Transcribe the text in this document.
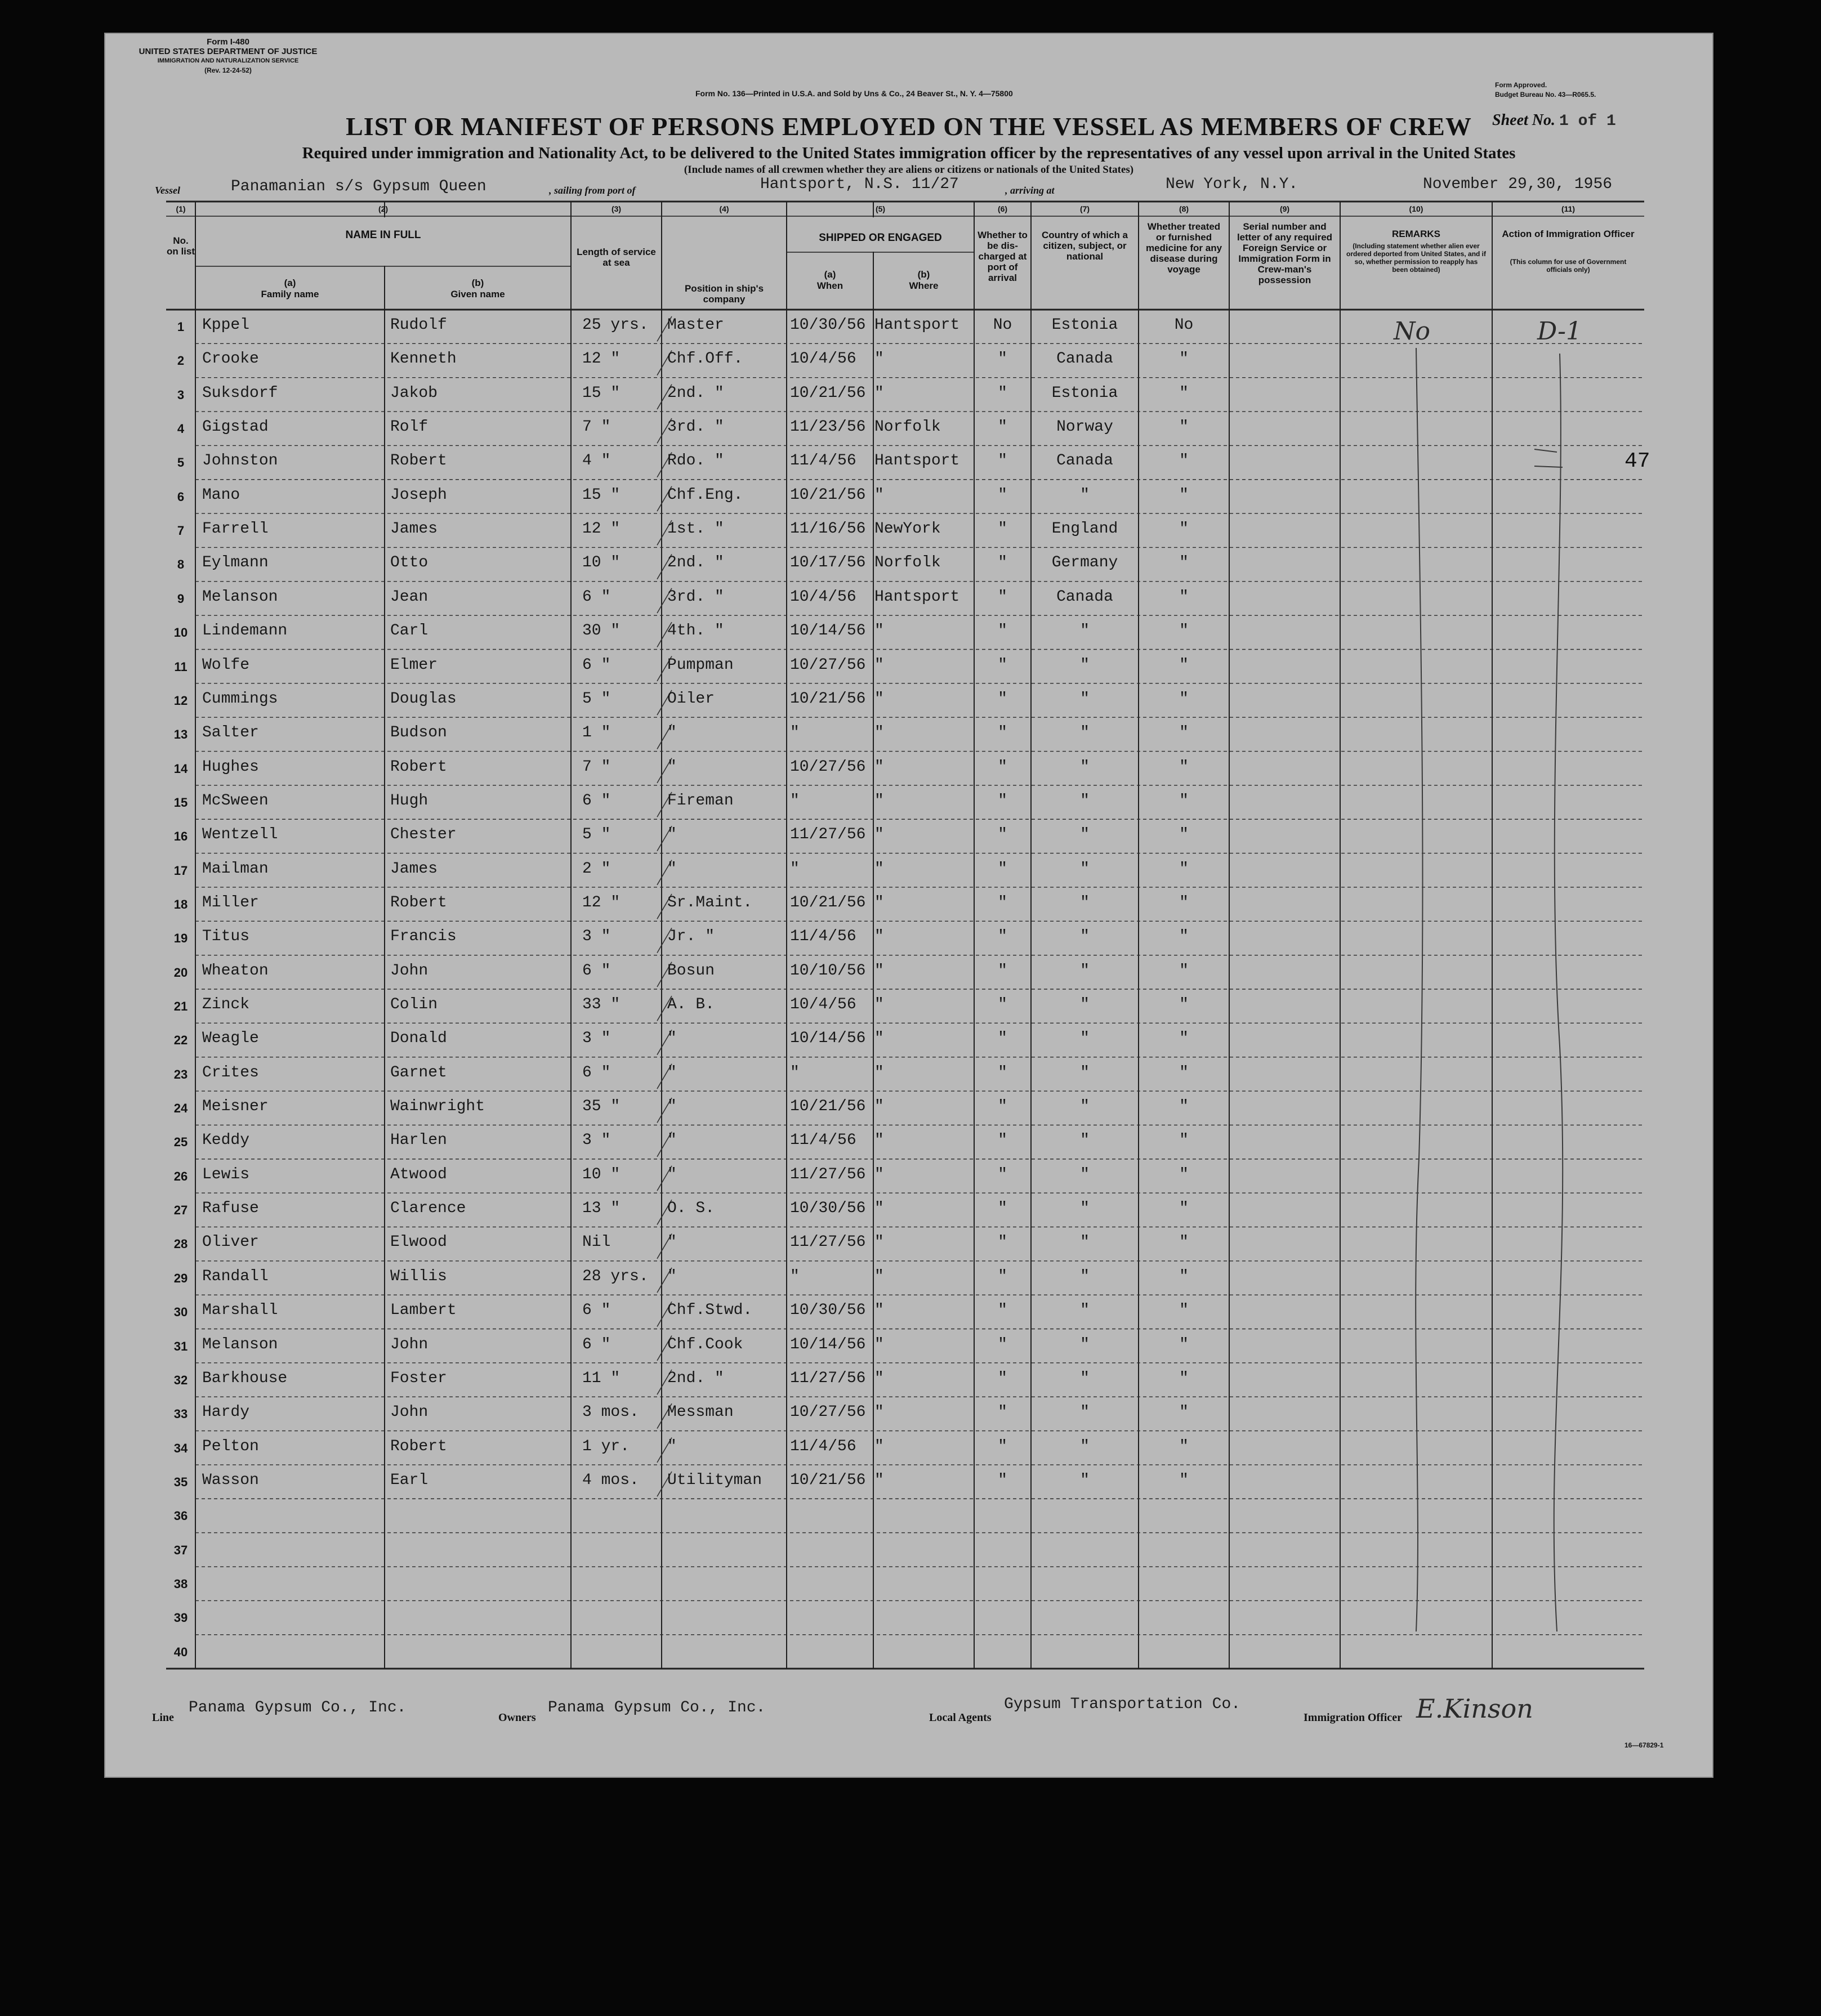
Form I-480
UNITED STATES DEPARTMENT OF JUSTICE
IMMIGRATION AND NATURALIZATION SERVICE
(Rev. 12-24-52)
Form No. 136—Printed in U.S.A. and Sold by Uns & Co., 24 Beaver St., N. Y. 4—75800
Form Approved.
Budget Bureau No. 43—R065.5.
LIST OR MANIFEST OF PERSONS EMPLOYED ON THE VESSEL AS MEMBERS OF CREW	Sheet No. 1 of 1
Required under immigration and Nationality Act, to be delivered to the United States immigration officer by the representatives of any vessel upon arrival in the United States
(Include names of all crewmen whether they are aliens or citizens or nationals of the United States)
Vessel	Panamanian s/s Gypsum Queen	, sailing from port of	Hantsport, N.S. 11/27	, arriving at	New York, N.Y.	November 29,30, 1956
(1)	(2)	(3)	(4)	(5)	(6)	(7)	(8)	(9)	(10)	(11)
No. on list
NAME IN FULL
(a)
Family name
(b)
Given name
Length of service at sea
Position in ship's company
SHIPPED OR ENGAGED
(a)
When
(b)
Where
Whether to be dis-charged at port of arrival
Country of which a citizen, subject, or national
Whether treated or furnished medicine for any disease during voyage
Serial number and letter of any required Foreign Service or Immigration Form in Crew-man's possession
REMARKS
(Including statement whether alien ever ordered deported from United States, and if so, whether permission to reapply has been obtained)
Action of Immigration Officer
(This column for use of Government officials only)
1	Kppel	Rudolf	25 yrs. Master	10/30/56 Hantsport	No	Estonia	No
2	Crooke	Kenneth	12 "	Chf.Off.	10/4/56 "	"	Canada	"
3	Suksdorf	Jakob	15 "	2nd. "	10/21/56 "	"	Estonia	"
4	Gigstad	Rolf	7 "	3rd. "	11/23/56 Norfolk	"	Norway	"
5	Johnston	Robert	4 "	Rdo. "	11/4/56 Hantsport	"	Canada	"
6	Mano	Joseph	15 "	Chf.Eng.	10/21/56 "	"	"	"
7	Farrell	James	12 "	1st. "	11/16/56 NewYork	"	England	"
8	Eylmann	Otto	10 "	2nd. "	10/17/56 Norfolk	"	Germany	"
9	Melanson	Jean	6 "	3rd. "	10/4/56 Hantsport	"	Canada	"
10 Lindemann	Carl	30 "	4th. "	10/14/56 "	"	"	"
11 Wolfe	Elmer	6 "	Pumpman	10/27/56 "	"	"	"
12 Cummings	Douglas	5 "	Oiler	10/21/56 "	"	"	"
13 Salter	Budson	1 "	"	"	"	"	"	"
14 Hughes	Robert	7 "	"	10/27/56 "	"	"	"
15 McSween	Hugh	6 "	Fireman	"	"	"	"	"
16 Wentzell	Chester	5 "	"	11/27/56 "	"	"	"
17 Mailman	James	2 "	"	"	"	"	"	"
18 Miller	Robert	12 "	Sr.Maint. 10/21/56 "	"	"	"
19 Titus	Francis	3 "	Jr. "	11/4/56 "	"	"	"
20 Wheaton	John	6 "	Bosun	10/10/56 "	"	"	"
21 Zinck	Colin	33 "	A. B.	10/4/56 "	"	"	"
22 Weagle	Donald	3 "	"	10/14/56 "	"	"	"
23 Crites	Garnet	6 "	"	"	"	"	"	"
24 Meisner	Wainwright	35 "	"	10/21/56 "	"	"	"
25 Keddy	Harlen	3 "	"	11/4/56 "	"	"	"
26 Lewis	Atwood	10 "	"	11/27/56 "	"	"	"
27 Rafuse	Clarence	13 "	O. S.	10/30/56 "	"	"	"
28 Oliver	Elwood	Nil	"	11/27/56 "	"	"	"
29 Randall	Willis	28 yrs. "	"	"	"	"	"
30 Marshall	Lambert	6 "	Chf.Stwd. 10/30/56 "	"	"	"
31 Melanson	John	6 "	Chf.Cook	10/14/56 "	"	"	"
32 Barkhouse	Foster	11 "	2nd. "	11/27/56 "	"	"	"
33 Hardy	John	3 mos. Messman	10/27/56 "	"	"	"
34 Pelton	Robert	1 yr. "	11/4/56 "	"	"	"
35 Wasson	Earl	4 mos. Utilityman 10/21/56 "	"	"	"
36
37
38
39
40
No	D-1
47
Line
Panama Gypsum Co., Inc.
Owners
Panama Gypsum Co., Inc.
Local Agents
Gypsum Transportation Co.
Immigration Officer E.Kinson
16—67829-1
